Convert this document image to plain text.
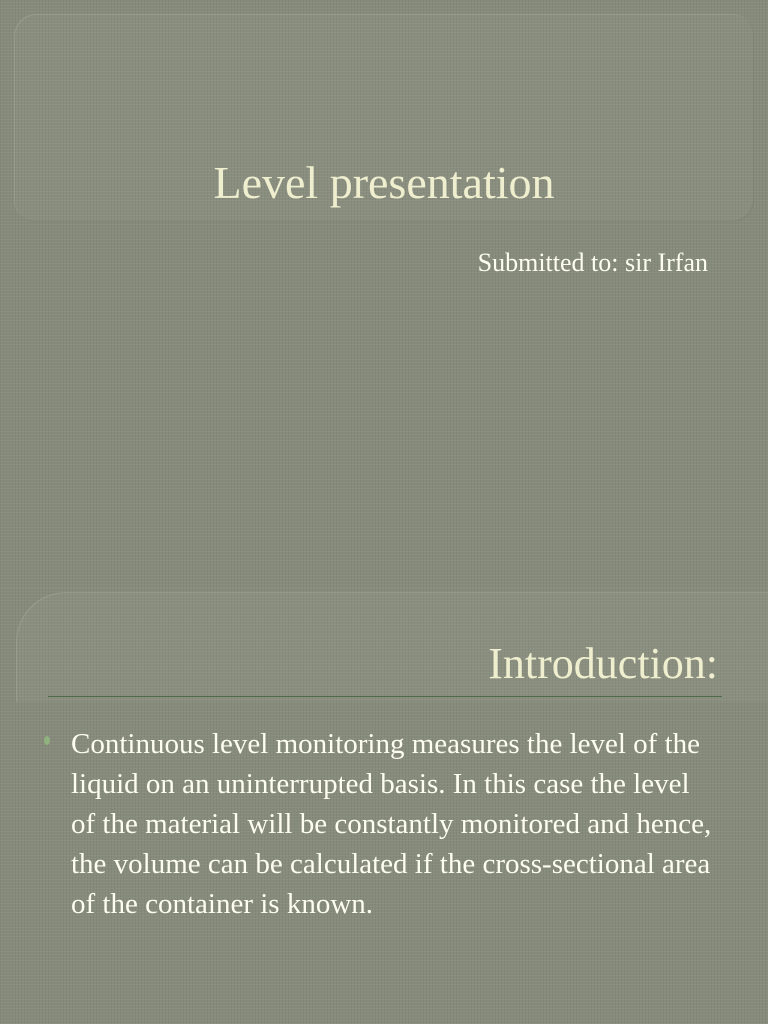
Level presentation
Submitted to: sir Irfan
Introduction:
Continuous level monitoring measures the level of the liquid on an uninterrupted basis. In this case the level of the material will be constantly monitored and hence, the volume can be calculated if the cross-sectional area of the container is known.
